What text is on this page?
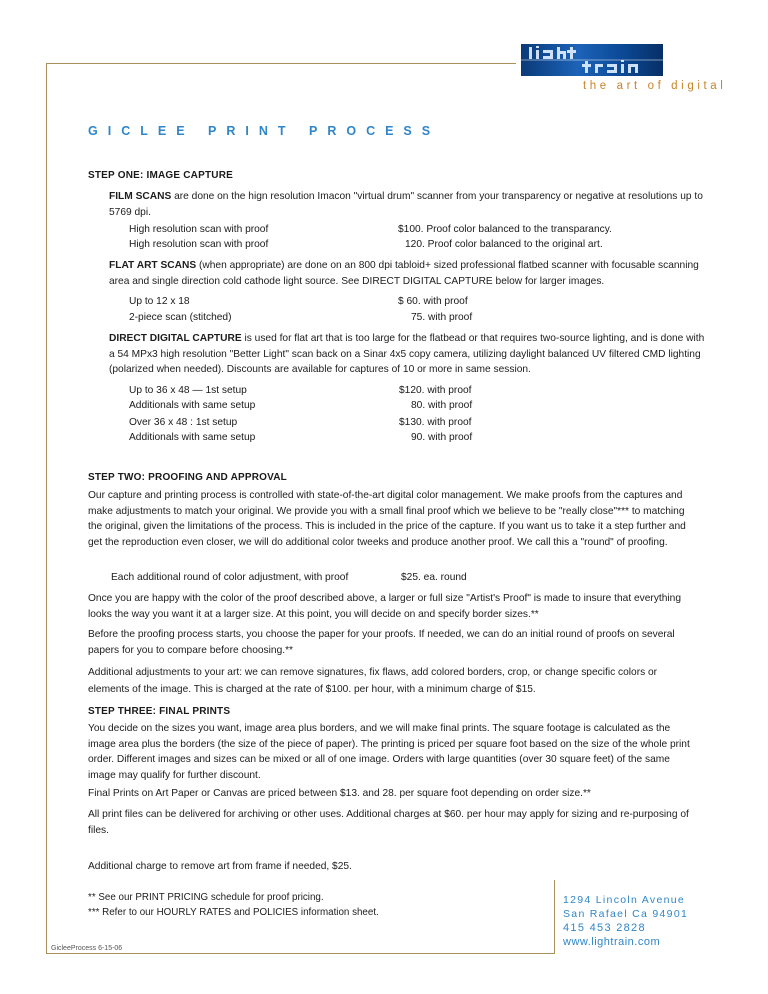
the art of digital
GICLEE PRINT PROCESS
STEP ONE: IMAGE CAPTURE
FILM SCANS are done on the hign resolution Imacon "virtual drum" scanner from your transparency or negative at resolutions up to 5769 dpi.
High resolution scan with proof	$100. Proof color balanced to the transparancy.
High resolution scan with proof	120. Proof color balanced to the original art.
FLAT ART SCANS (when appropriate) are done on an 800 dpi tabloid+ sized professional flatbed scanner with focusable scanning area and single direction cold cathode light source. See DIRECT DIGITAL CAPTURE below for larger images.
Up to 12 x 18	$ 60. with proof
2-piece scan (stitched)	75. with proof
DIRECT DIGITAL CAPTURE is used for flat art that is too large for the flatbead or that requires two-source lighting, and is done with a 54 MPx3 high resolution "Better Light" scan back on a Sinar 4x5 copy camera, utilizing daylight balanced UV filtered CMD lighting (polarized when needed). Discounts are available for captures of 10 or more in same session.
Up to 36 x 48 — 1st setup	$120. with proof
Additionals with same setup	80. with proof
Over 36 x 48 : 1st setup	$130. with proof
Additionals with same setup	90. with proof
STEP TWO: PROOFING AND APPROVAL
Our capture and printing process is controlled with state-of-the-art digital color management. We make proofs from the captures and make adjustments to match your original. We provide you with a small final proof which we believe to be "really close"*** to matching the original, given the limitations of the process. This is included in the price of the capture. If you want us to take it a step further and get the reproduction even closer, we will do additional color tweeks and produce another proof. We call this a "round" of proofing.
Each additional round of color adjustment, with proof	$25. ea. round
Once you are happy with the color of the proof described above, a larger or full size "Artist's Proof" is made to insure that everything looks the way you want it at a larger size. At this point, you will decide on and specify border sizes.**
Before the proofing process starts, you choose the paper for your proofs. If needed, we can do an initial round of proofs on several papers for you to compare before choosing.**
Additional adjustments to your art: we can remove signatures, fix flaws, add colored borders, crop, or change specific colors or elements of the image. This is charged at the rate of $100. per hour, with a minimum charge of $15.
STEP THREE: FINAL PRINTS
You decide on the sizes you want, image area plus borders, and we will make final prints. The square footage is calculated as the image area plus the borders (the size of the piece of paper). The printing is priced per square foot based on the size of the whole print order. Different images and sizes can be mixed or all of one image. Orders with large quantities (over 30 square feet) of the same image may qualify for further discount.
Final Prints on Art Paper or Canvas are priced between $13. and 28. per square foot depending on order size.**
All print files can be delivered for archiving or other uses. Additional charges at $60. per hour may apply for sizing and re-purposing of files.
Additional charge to remove art from frame if needed, $25.
** See our PRINT PRICING schedule for proof pricing.
*** Refer to our HOURLY RATES and POLICIES information sheet.
1294 Lincoln Avenue
San Rafael Ca 94901
415 453 2828
www.lightrain.com
GicleeProcess 6-15-06
